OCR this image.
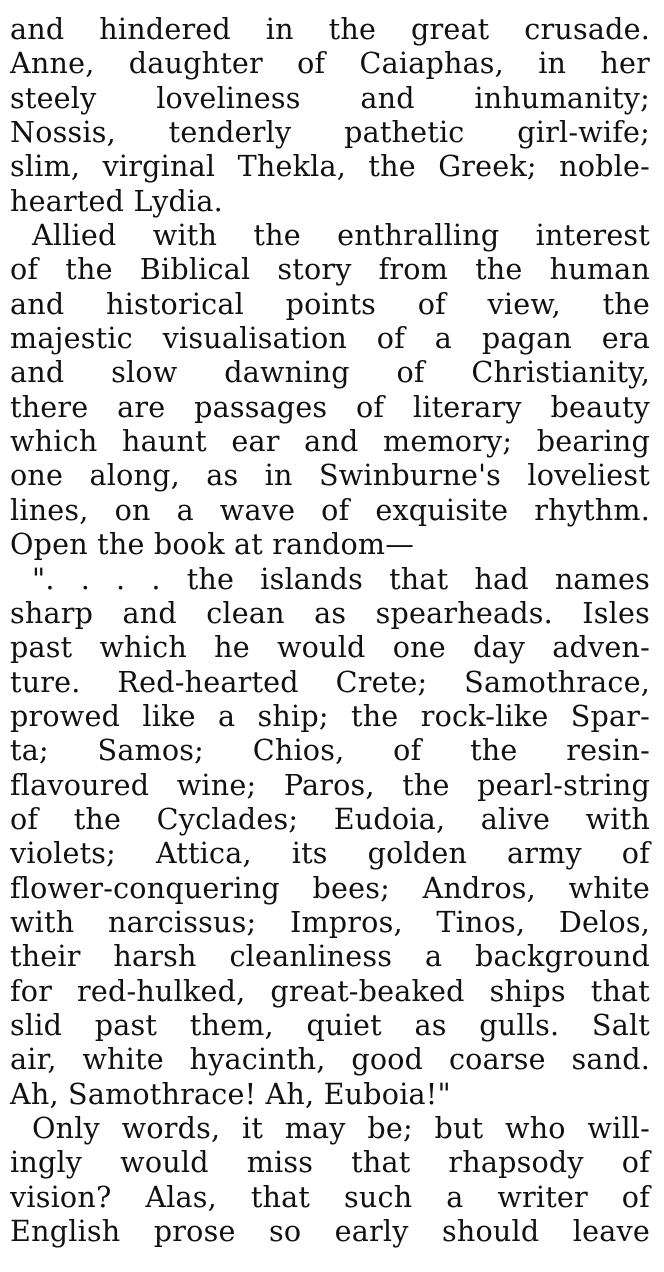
and hindered in the great crusade.
Anne, daughter of Caiaphas, in her
steely loveliness and inhumanity;
Nossis, tenderly pathetic girl-wife;
slim, virginal Thekla, the Greek; noble-
hearted Lydia.
Allied with the enthralling interest
of the Biblical story from the human
and historical points of view, the
majestic visualisation of a pagan era
and slow dawning of Christianity,
there are passages of literary beauty
which haunt ear and memory; bearing
one along, as in Swinburne's loveliest
lines, on a wave of exquisite rhythm.
Open the book at random—
". . . . the islands that had names
sharp and clean as spearheads. Isles
past which he would one day adven-
ture. Red-hearted Crete; Samothrace,
prowed like a ship; the rock-like Spar-
ta; Samos; Chios, of the resin-
flavoured wine; Paros, the pearl-string
of the Cyclades; Eudoia, alive with
violets; Attica, its golden army of
flower-conquering bees; Andros, white
with narcissus; Impros, Tinos, Delos,
their harsh cleanliness a background
for red-hulked, great-beaked ships that
slid past them, quiet as gulls. Salt
air, white hyacinth, good coarse sand.
Ah, Samothrace! Ah, Euboia!"
Only words, it may be; but who will-
ingly would miss that rhapsody of
vision? Alas, that such a writer of
English prose so early should leave
